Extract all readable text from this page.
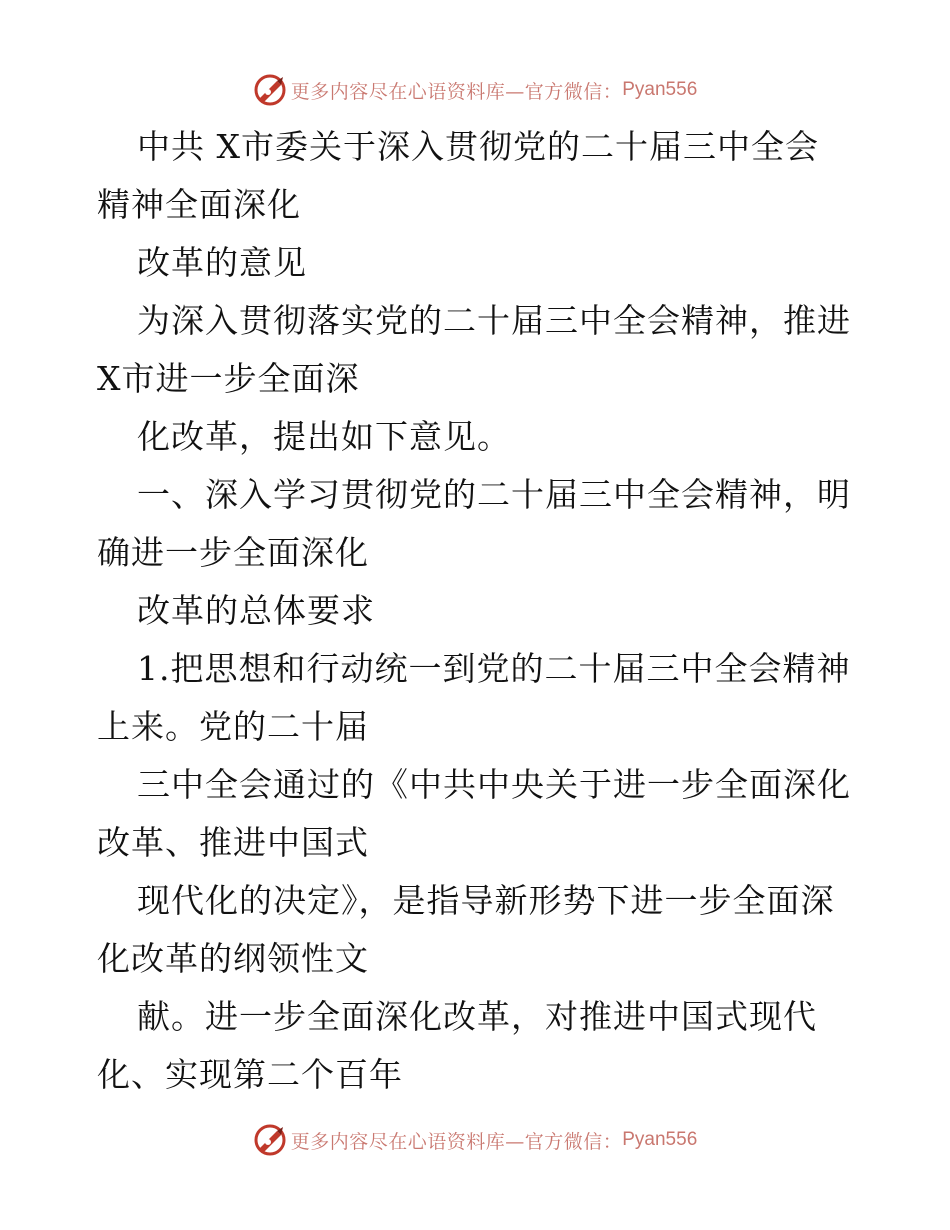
更多内容尽在心语资料库—官方微信： Pyan556
中共 X市委关于深入贯彻党的二十届三中全会
精神全面深化
改革的意见
为深入贯彻落实党的二十届三中全会精神，推进
X市进一步全面深
化改革，提出如下意见。
一、深入学习贯彻党的二十届三中全会精神，明
确进一步全面深化
改革的总体要求
1.把思想和行动统一到党的二十届三中全会精神
上来。党的二十届
三中全会通过的《中共中央关于进一步全面深化
改革、推进中国式
现代化的决定》，是指导新形势下进一步全面深
化改革的纲领性文
献。进一步全面深化改革，对推进中国式现代
化、实现第二个百年
更多内容尽在心语资料库—官方微信： Pyan556
